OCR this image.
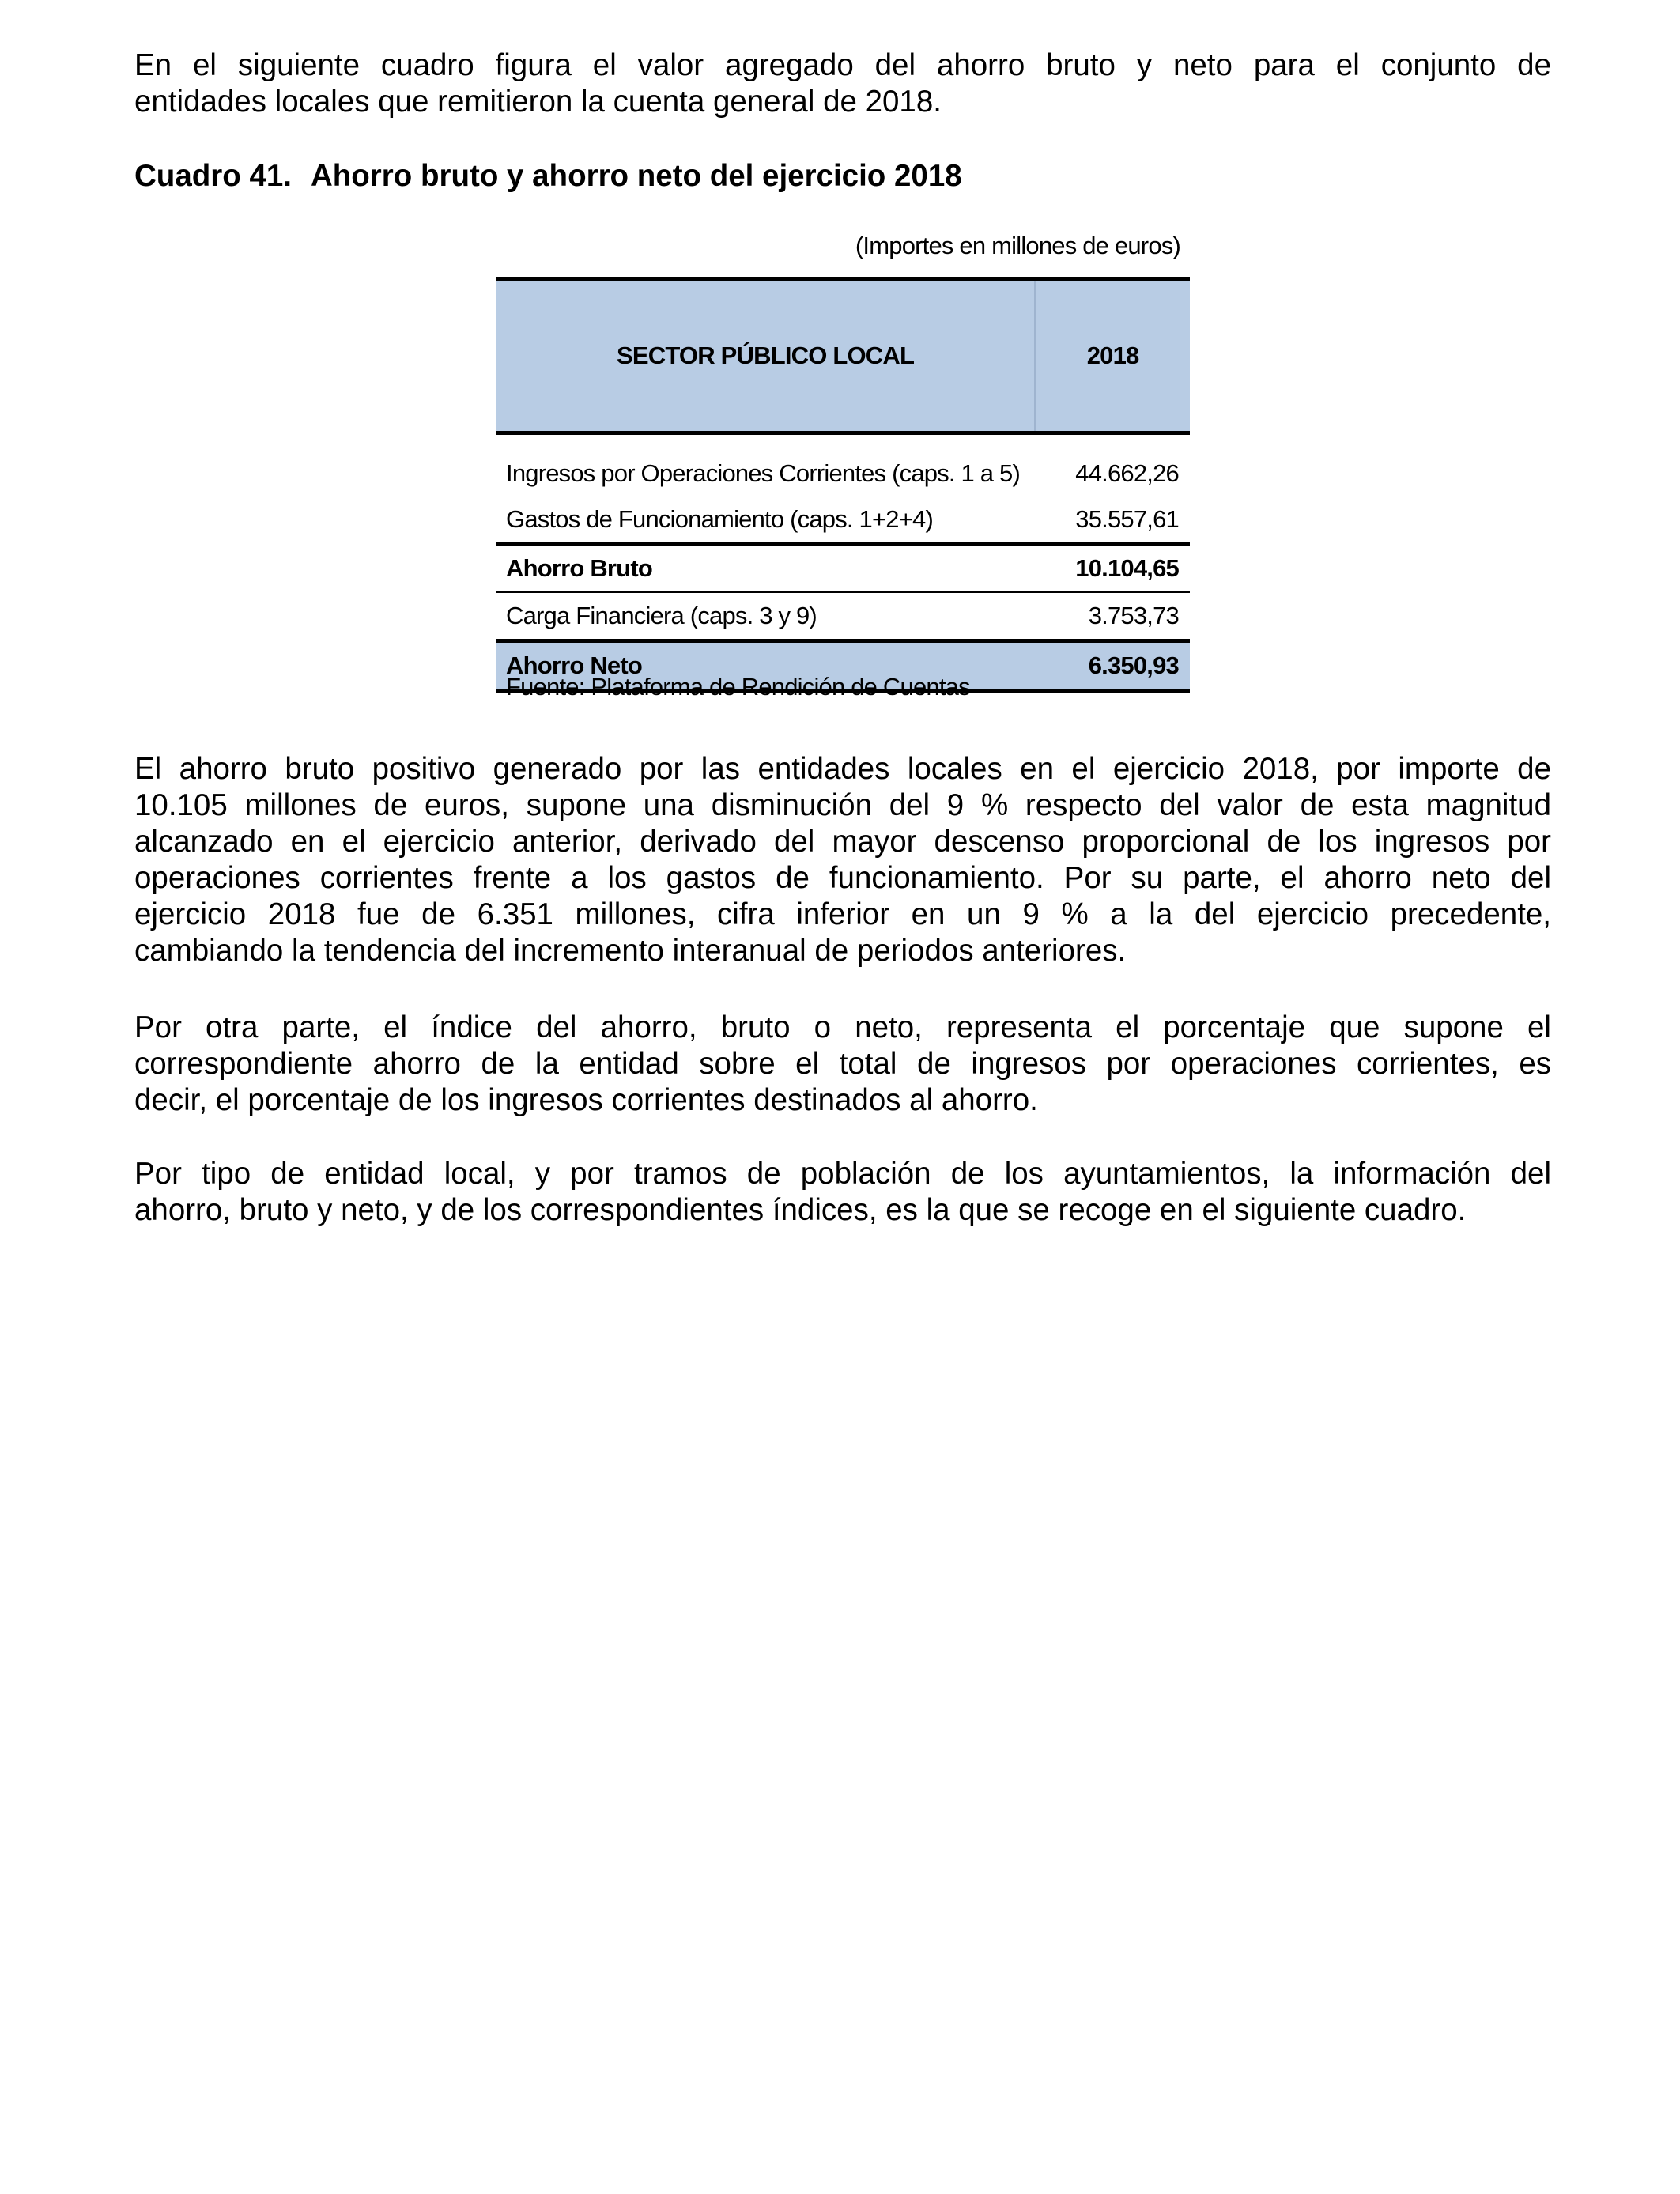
En el siguiente cuadro figura el valor agregado del ahorro bruto y neto para el conjunto de
entidades locales que remitieron la cuenta general de 2018.

Cuadro 41. Ahorro bruto y ahorro neto del ejercicio 2018
(Importes en millones de euros)
SECTOR PÚBLICO LOCAL	2018

Ingresos por Operaciones Corrientes (caps. 1 a 5)	44.662,26
Gastos de Funcionamiento (caps. 1+2+4)	35.557,61
Ahorro Bruto	10.104,65
Carga Financiera (caps. 3 y 9)	3.753,73
Ahorro Neto	6.350,93
Fuente: Plataforma de Rendición de Cuentas

El ahorro bruto positivo generado por las entidades locales en el ejercicio 2018, por importe de
10.105 millones de euros, supone una disminución del 9 % respecto del valor de esta magnitud
alcanzado en el ejercicio anterior, derivado del mayor descenso proporcional de los ingresos por
operaciones corrientes frente a los gastos de funcionamiento. Por su parte, el ahorro neto del
ejercicio 2018 fue de 6.351 millones, cifra inferior en un 9 % a la del ejercicio precedente,
cambiando la tendencia del incremento interanual de periodos anteriores.

Por otra parte, el índice del ahorro, bruto o neto, representa el porcentaje que supone el
correspondiente ahorro de la entidad sobre el total de ingresos por operaciones corrientes, es
decir, el porcentaje de los ingresos corrientes destinados al ahorro.

Por tipo de entidad local, y por tramos de población de los ayuntamientos, la información del
ahorro, bruto y neto, y de los correspondientes índices, es la que se recoge en el siguiente cuadro.
